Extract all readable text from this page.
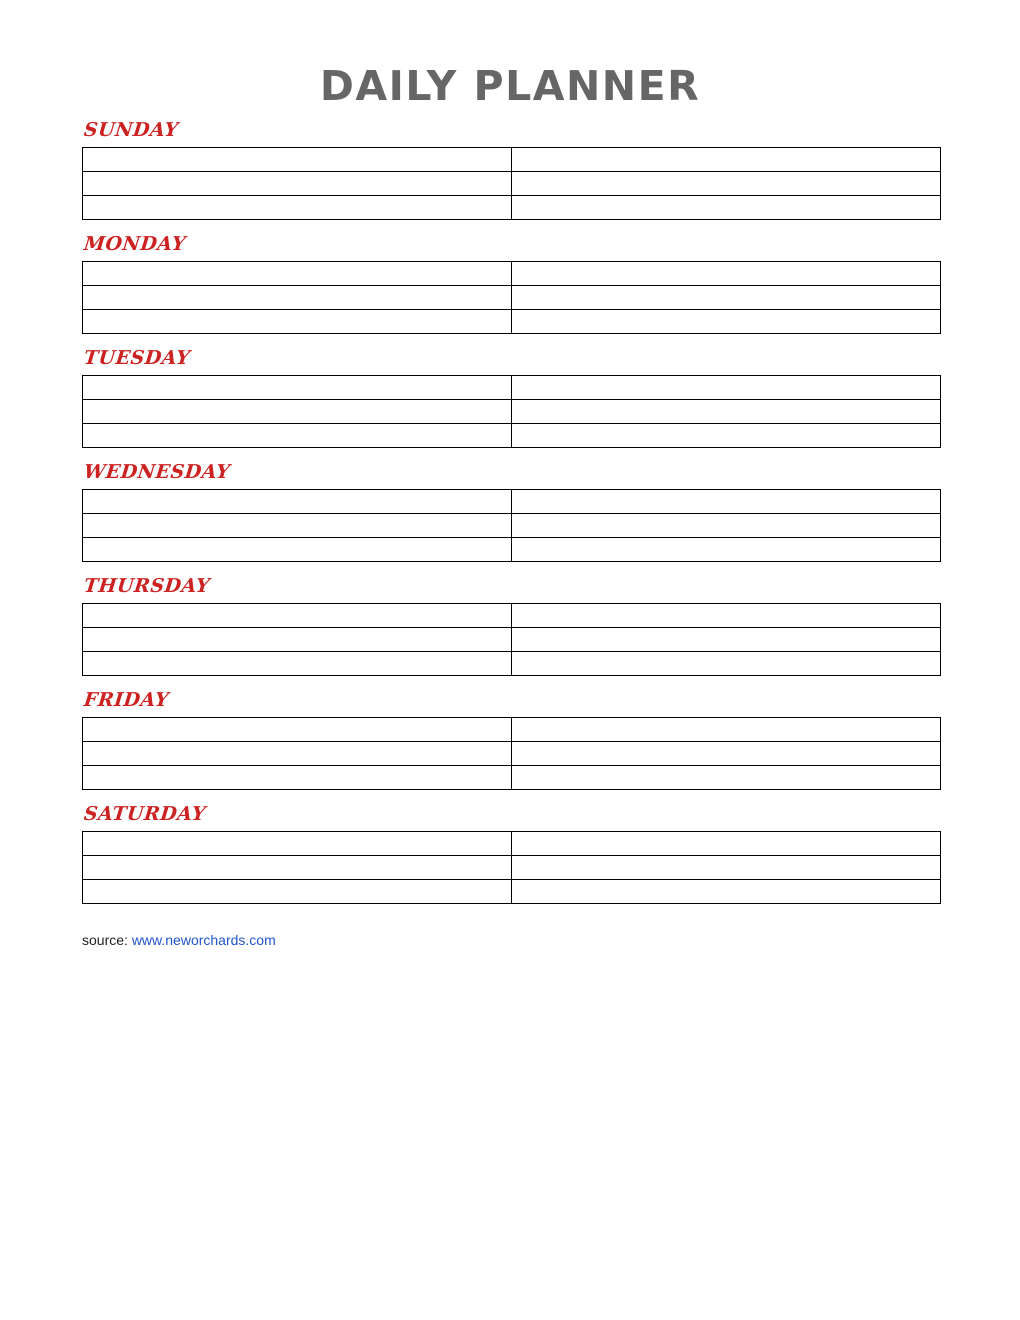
DAILY PLANNER
SUNDAY

MONDAY

TUESDAY

WEDNESDAY

THURSDAY

FRIDAY

SATURDAY

source: www.neworchards.com
